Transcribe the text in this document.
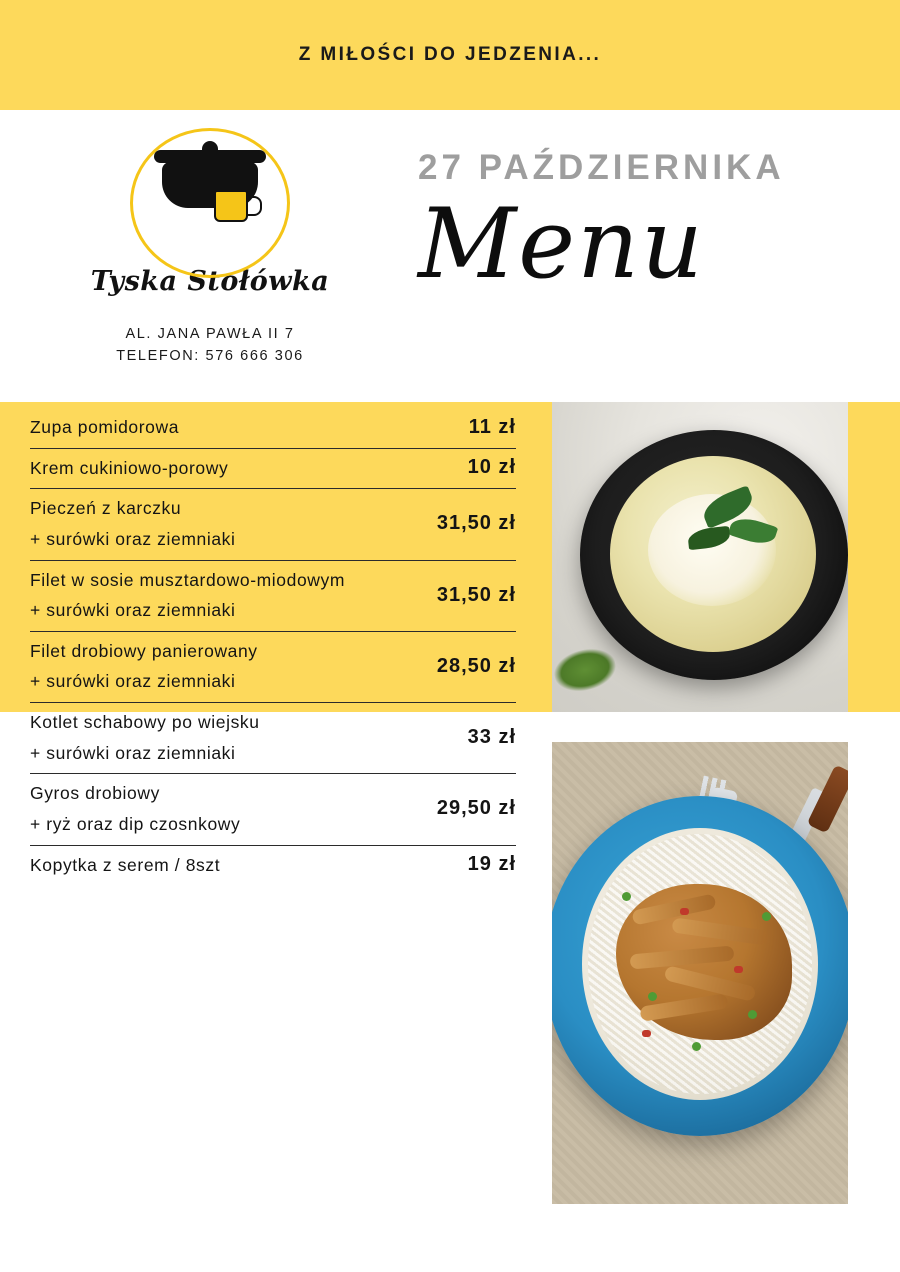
Z MIŁOŚCI DO JEDZENIA...
Tyska Stołówka
AL. JANA PAWŁA II 7
TELEFON: 576 666 306
27 PAŹDZIERNIKA
Menu
Zupa pomidorowa	11 zł
Krem cukiniowo-porowy	10 zł
Pieczeń z karczku
+ surówki oraz ziemniaki
31,50 zł
Filet w sosie musztardowo-miodowym
+ surówki oraz ziemniaki
31,50 zł
Filet drobiowy panierowany
+ surówki oraz ziemniaki
28,50 zł
Kotlet schabowy po wiejsku
+ surówki oraz ziemniaki
33 zł
Gyros drobiowy
+ ryż oraz dip czosnkowy
29,50 zł
Kopytka z serem / 8szt	19 zł
